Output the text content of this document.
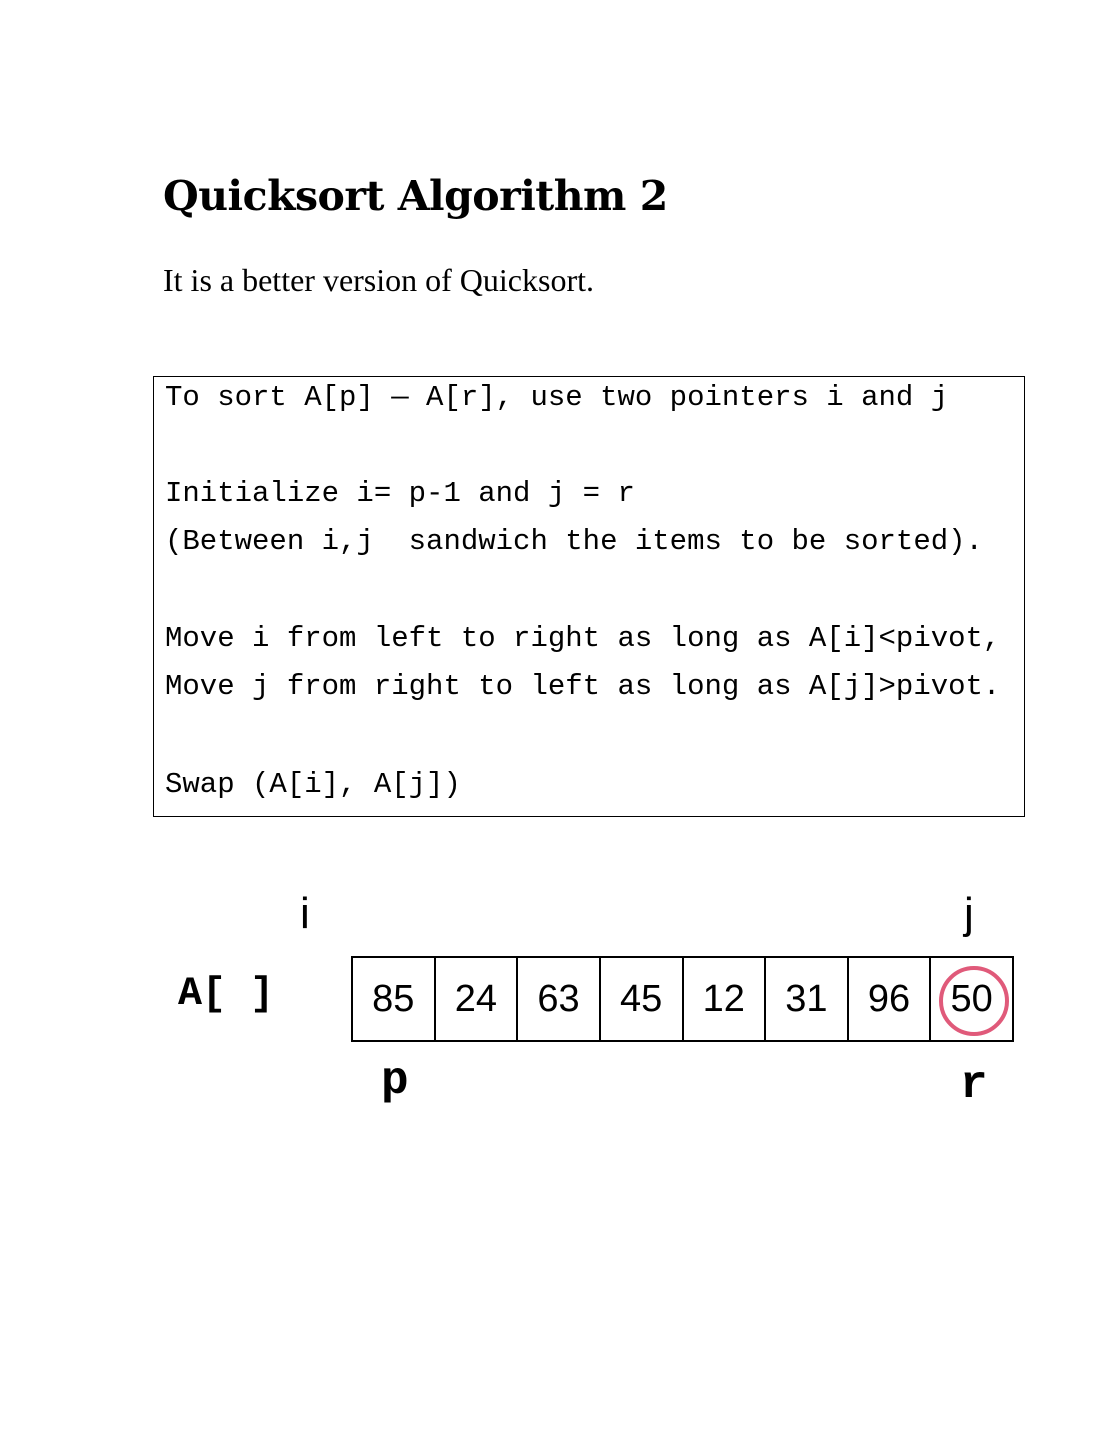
Quicksort Algorithm 2

It is a better version of Quicksort.

To sort A[p] — A[r], use two pointers i and j
Initialize i= p-1 and j = r
(Between i,j  sandwich the items to be sorted).
Move i from left to right as long as A[i]<pivot,
Move j from right to left as long as A[j]>pivot.
Swap (A[i], A[j])
i	j
A[ ]	85 24 63 45 12 31 96 50
p	r
